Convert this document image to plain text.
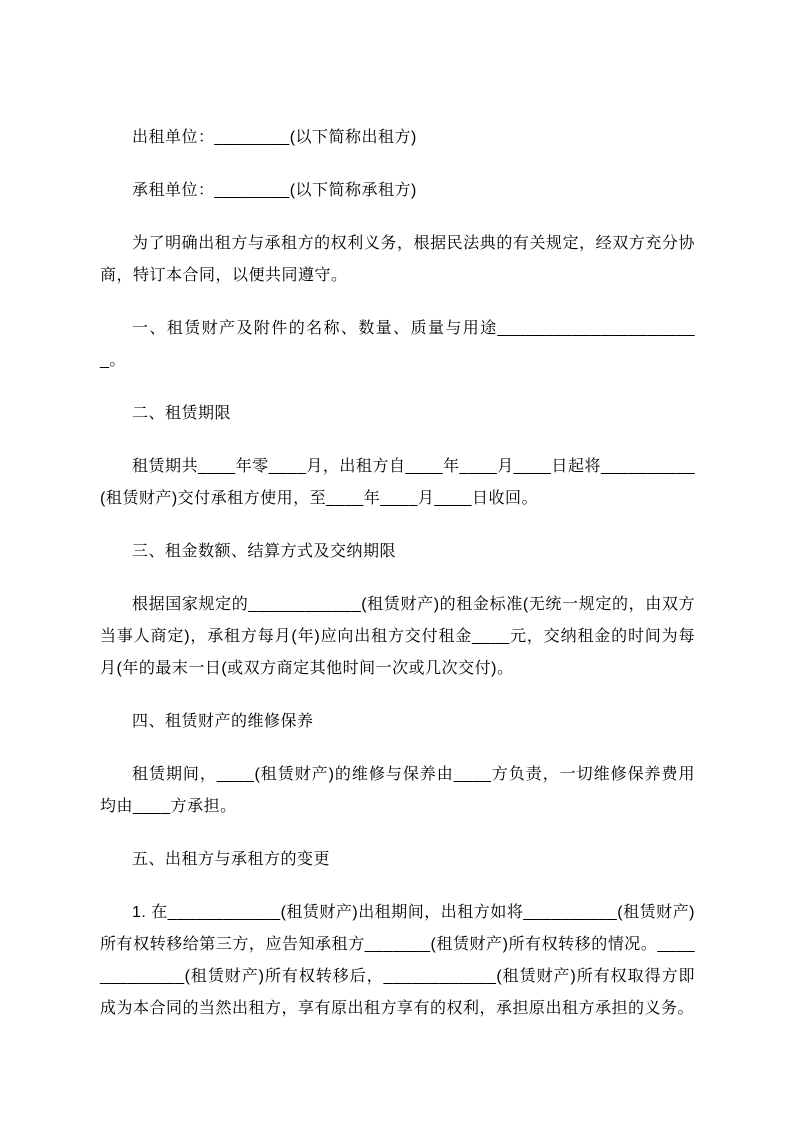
出租单位：________(以下简称出租方)

承租单位：________(以下简称承租方)

为了明确出租方与承租方的权利义务，根据民法典的有关规定，经双方充分协商，特订本合同，以便共同遵守。

一、租赁财产及附件的名称、数量、质量与用途______________________。

二、租赁期限

租赁期共____年零____月，出租方自____年____月____日起将__________(租赁财产)交付承租方使用，至____年____月____日收回。

三、租金数额、结算方式及交纳期限

根据国家规定的____________(租赁财产)的租金标准(无统一规定的，由双方当事人商定)，承租方每月(年)应向出租方交付租金____元，交纳租金的时间为每月(年的最末一日(或双方商定其他时间一次或几次交付)。

四、租赁财产的维修保养

租赁期间，____(租赁财产)的维修与保养由____方负责，一切维修保养费用均由____方承担。

五、出租方与承租方的变更

1. 在____________(租赁财产)出租期间，出租方如将__________(租赁财产)所有权转移给第三方，应告知承租方_______(租赁财产)所有权转移的情况。_____________(租赁财产)所有权转移后，____________(租赁财产)所有权取得方即成为本合同的当然出租方，享有原出租方享有的权利，承担原出租方承担的义务。
